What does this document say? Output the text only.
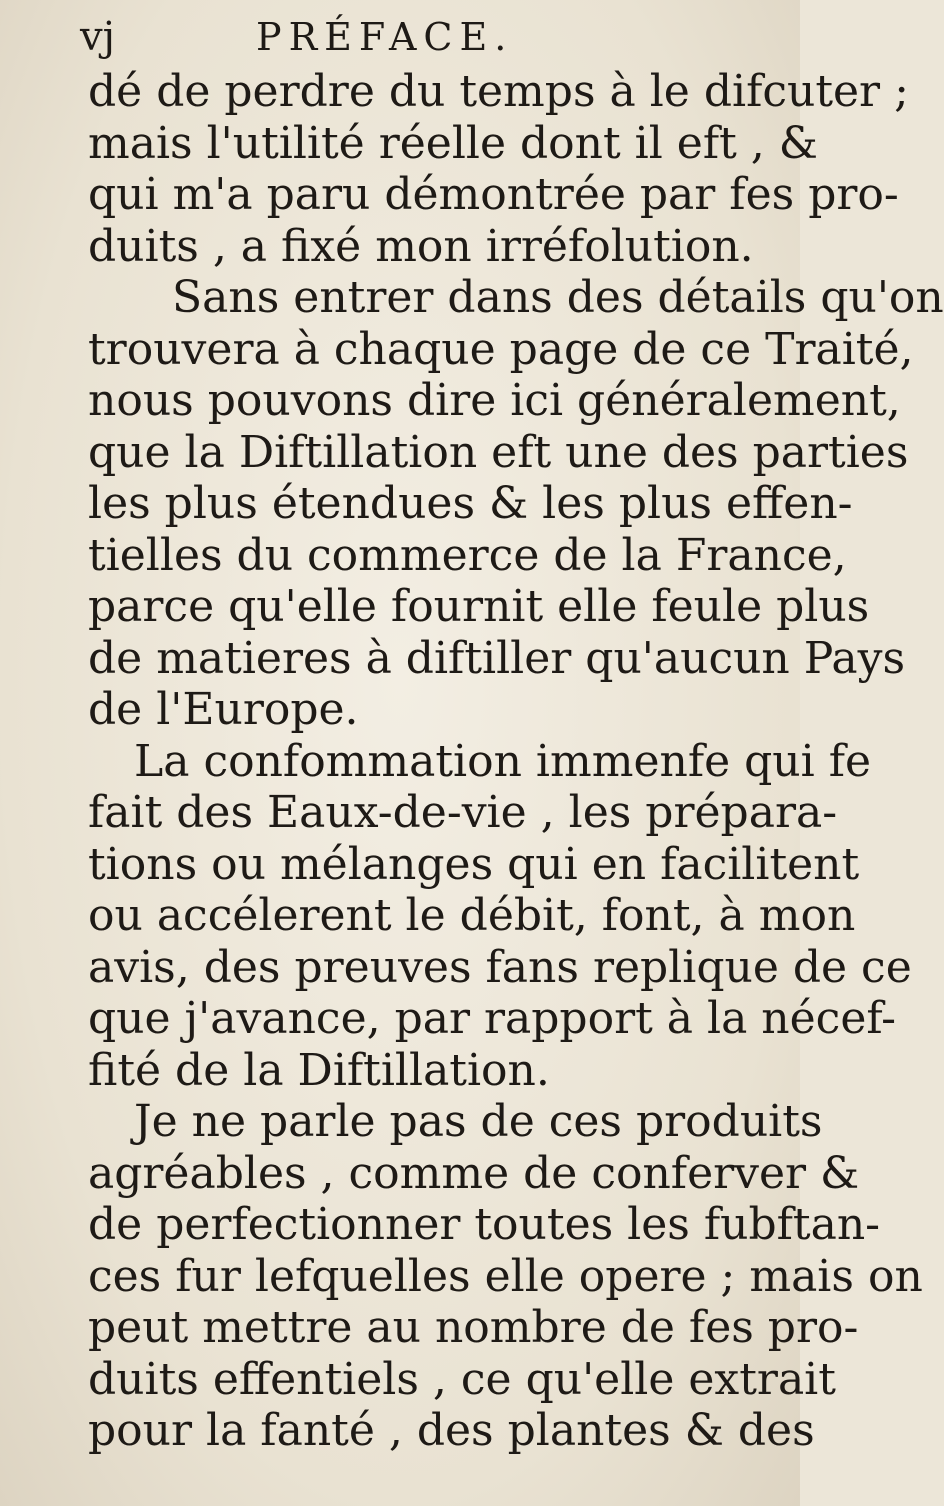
vj	PRÉFACE.
dé de perdre du temps à le difcuter ;
mais l'utilité réelle dont il eft , &
qui m'a paru démontrée par fes pro-
duits , a fixé mon irréfolution.
Sans entrer dans des détails qu'on
trouvera à chaque page de ce Traité,
nous pouvons dire ici généralement,
que la Diftillation eft une des parties
les plus étendues & les plus effen-
tielles du commerce de la France,
parce qu'elle fournit elle feule plus
de matieres à diftiller qu'aucun Pays
de l'Europe.
La confommation immenfe qui fe
fait des Eaux-de-vie , les prépara-
tions ou mélanges qui en facilitent
ou accélerent le débit, font, à mon
avis, des preuves fans replique de ce
que j'avance, par rapport à la nécef-
fité de la Diftillation.
Je ne parle pas de ces produits
agréables , comme de conferver &
de perfectionner toutes les fubftan-
ces fur lefquelles elle opere ; mais on
peut mettre au nombre de fes pro-
duits effentiels , ce qu'elle extrait
pour la fanté , des plantes & des
